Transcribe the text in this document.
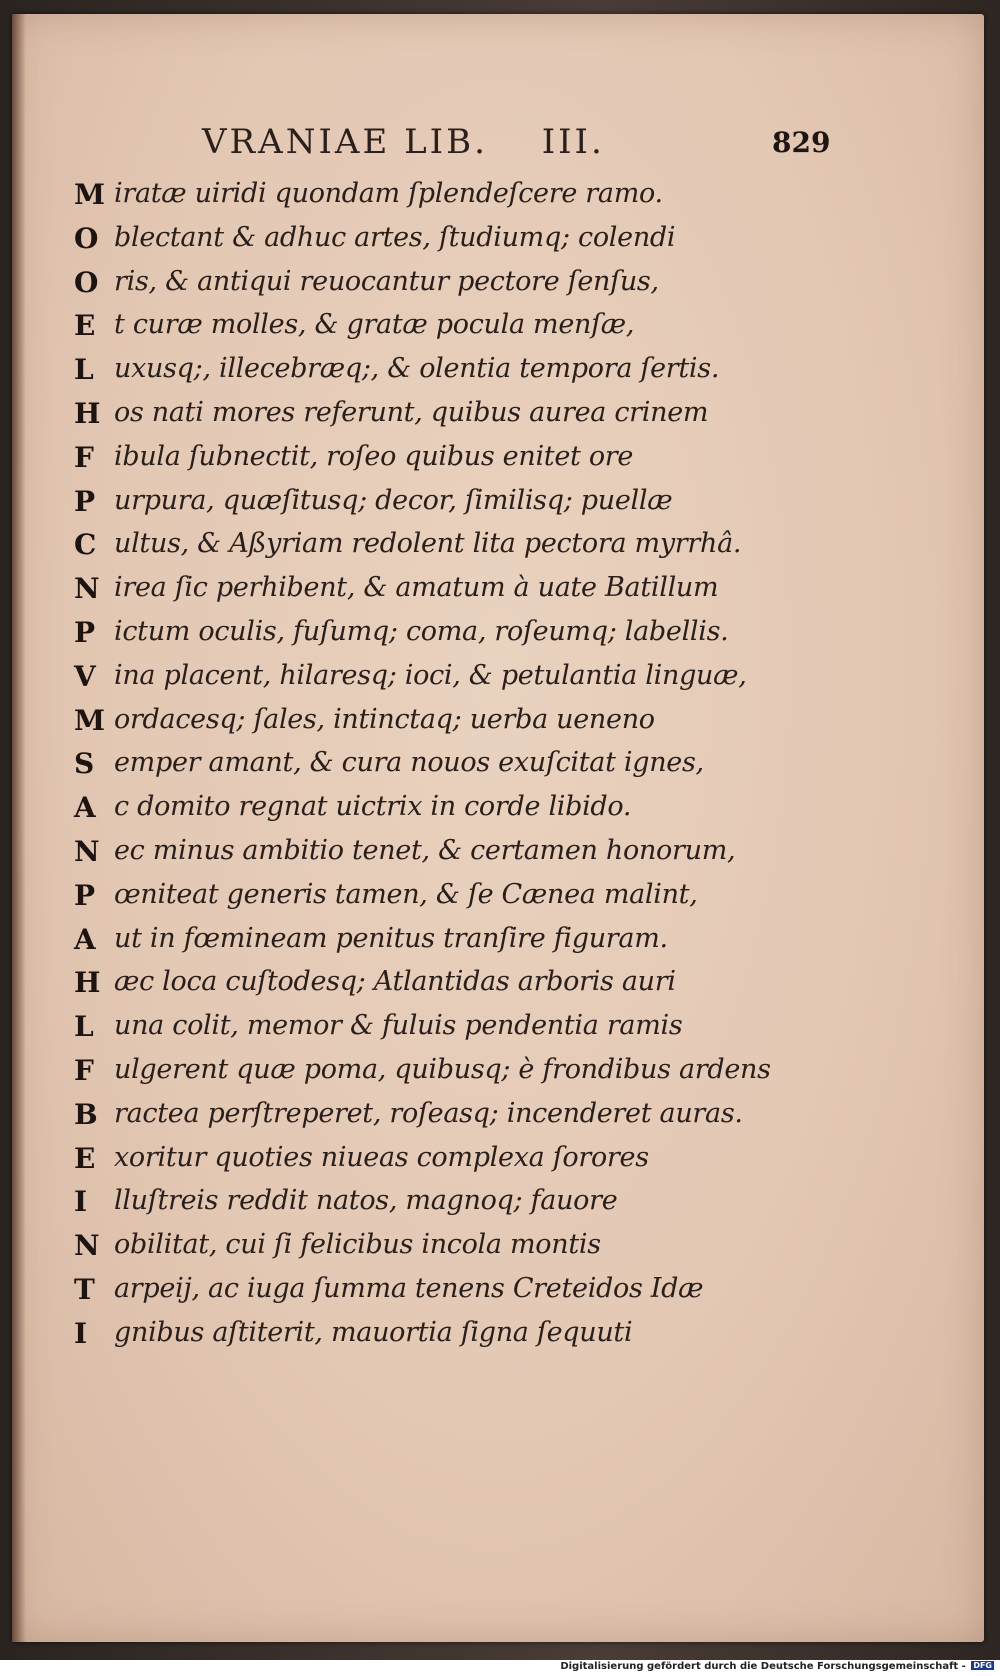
VRANIAE LIB. III.	829
M iratæ uiridi quondam ſplendeſcere ramo.
O blectant & adhuc artes, ſtudiumq; colendi
O ris, & antiqui reuocantur pectore ſenſus,
E t curæ molles, & gratæ pocula menſæ,
L uxusq;, illecebræq;, & olentia tempora ſertis.
H os nati mores referunt, quibus aurea crinem
F ibula ſubnectit, roſeo quibus enitet ore
P urpura, quæſitusq; decor, ſimilisq; puellæ
C ultus, & Aßyriam redolent lita pectora myrrhâ.
N irea ſic perhibent, & amatum à uate Batillum
P ictum oculis, fuſumq; coma, roſeumq; labellis.
V ina placent, hilaresq; ioci, & petulantia linguæ,
M ordacesq; ſales, intinctaq; uerba ueneno
S emper amant, & cura nouos exuſcitat ignes,
A c domito regnat uictrix in corde libido.
N ec minus ambitio tenet, & certamen honorum,
P œniteat generis tamen, & ſe Cænea malint,
A ut in fœmineam penitus tranſire figuram.
H æc loca cuſtodesq; Atlantidas arboris auri
L una colit, memor & fuluis pendentia ramis
F ulgerent quæ poma, quibusq; è frondibus ardens
B ractea perſtreperet, roſeasq; incenderet auras.
E xoritur quoties niueas complexa ſorores
I lluſtreis reddit natos, magnoq; fauore
N obilitat, cui ſi felicibus incola montis
T arpeij, ac iuga ſumma tenens Creteidos Idæ
I gnibus aſtiterit, mauortia ſigna ſequuti
Digitalisierung gefördert durch die Deutsche Forschungsgemeinschaft - DFG
